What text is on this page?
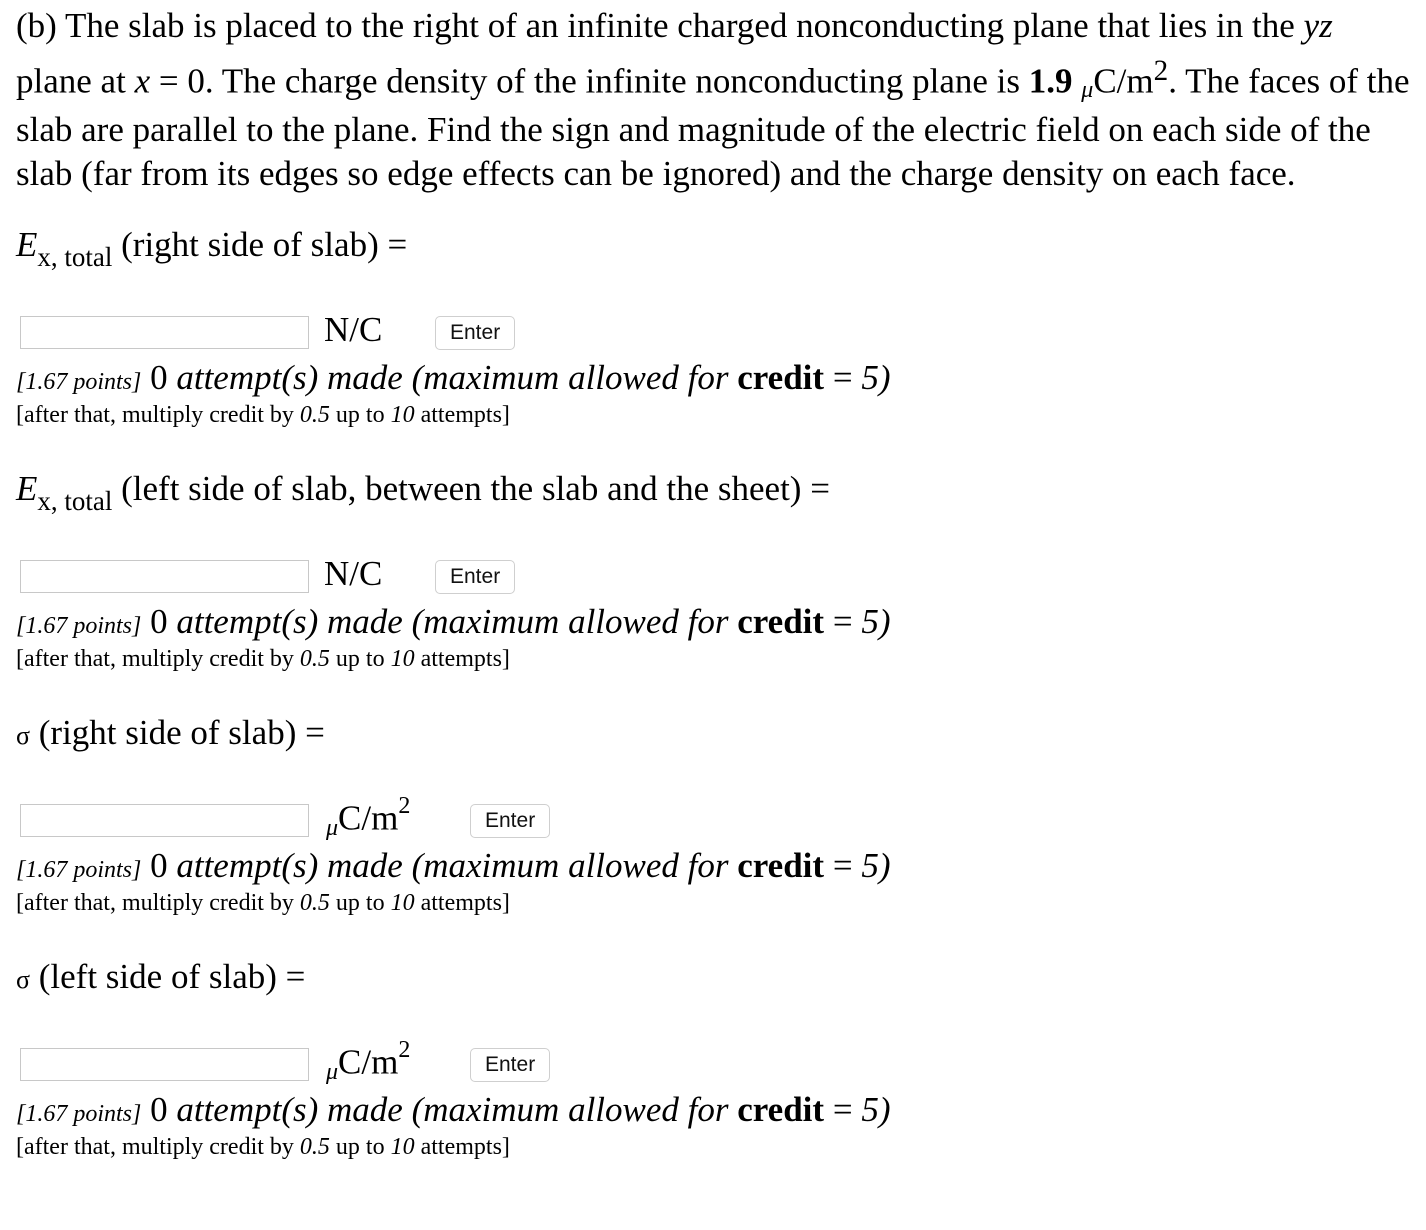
(b) The slab is placed to the right of an infinite charged nonconducting plane that lies in the yz plane at x = 0. The charge density of the infinite nonconducting plane is 1.9 $\mu C/m^2$. The faces of the slab are parallel to the plane. Find the sign and magnitude of the electric field on each side of the slab (far from its edges so edge effects can be ignored) and the charge density on each face.

$E_{x, total}$ (right side of slab) =
N/C	Enter
[1.67 points] 0 attempt(s) made (maximum allowed for credit = 5)
[after that, multiply credit by 0.5 up to 10 attempts]
$E_{x, total}$ (left side of slab, between the slab and the sheet) =
N/C	Enter
[1.67 points] 0 attempt(s) made (maximum allowed for credit = 5)
[after that, multiply credit by 0.5 up to 10 attempts]
σ (right side of slab) =
$\mu C/m^2$
Enter
[1.67 points] 0 attempt(s) made (maximum allowed for credit = 5)
[after that, multiply credit by 0.5 up to 10 attempts]
σ (left side of slab) =
$\mu C/m^2$
Enter
[1.67 points] 0 attempt(s) made (maximum allowed for credit = 5)
[after that, multiply credit by 0.5 up to 10 attempts]
